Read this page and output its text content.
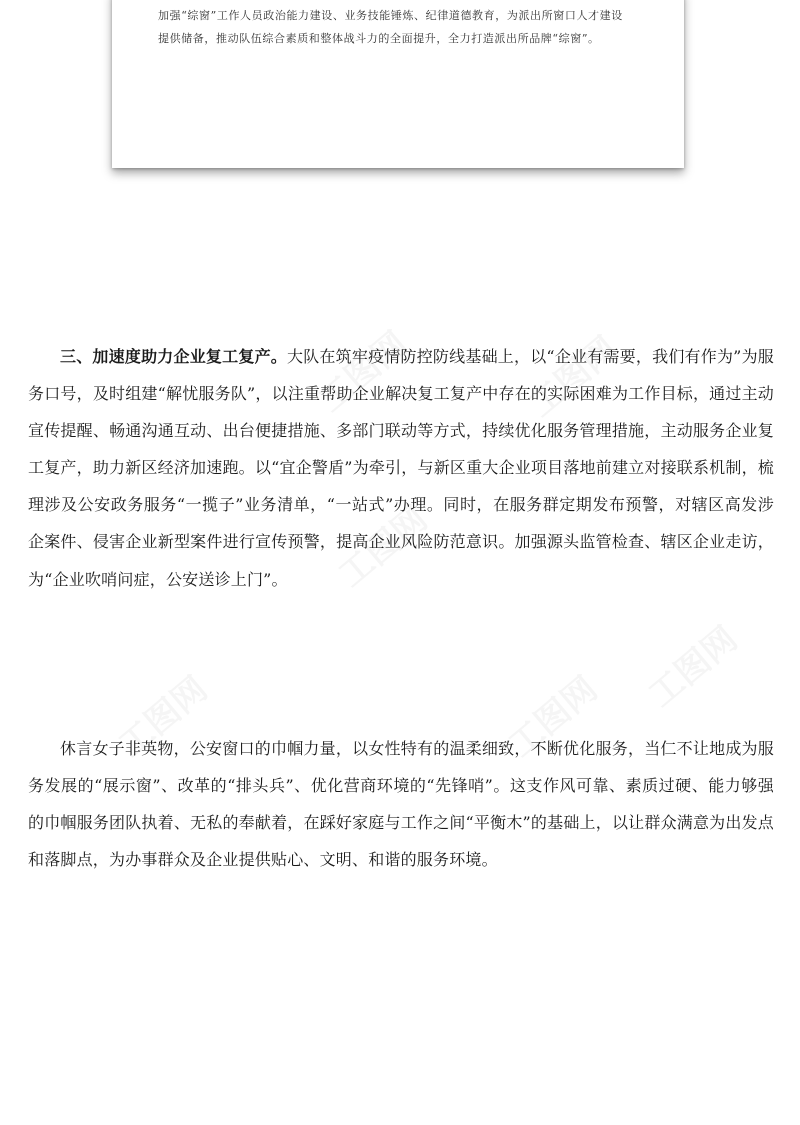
加强“综窗”工作人员政治能力建设、业务技能锤炼、纪律道德教育，为派出所窗口人才建设

提供储备，推动队伍综合素质和整体战斗力的全面提升，全力打造派出所品牌“综窗”。

工图网	工图网
工图网
工图网	工图网
工图网

三、加速度助力企业复工复产。大队在筑牢疫情防控防线基础上，以“企业有需要，我们有作为”为服务口号，及时组建“解忧服务队”，以注重帮助企业解决复工复产中存在的实际困难为工作目标，通过主动宣传提醒、畅通沟通互动、出台便捷措施、多部门联动等方式，持续优化服务管理措施，主动服务企业复工复产，助力新区经济加速跑。以“宜企警盾”为牵引，与新区重大企业项目落地前建立对接联系机制，梳理涉及公安政务服务“一揽子”业务清单，“一站式”办理。同时，在服务群定期发布预警，对辖区高发涉企案件、侵害企业新型案件进行宣传预警，提高企业风险防范意识。加强源头监管检查、辖区企业走访，为“企业吹哨问症，公安送诊上门”。

休言女子非英物，公安窗口的巾帼力量，以女性特有的温柔细致，不断优化服务，当仁不让地成为服务发展的“展示窗”、改革的“排头兵”、优化营商环境的“先锋哨”。这支作风可靠、素质过硬、能力够强的巾帼服务团队执着、无私的奉献着，在踩好家庭与工作之间“平衡木”的基础上，以让群众满意为出发点和落脚点，为办事群众及企业提供贴心、文明、和谐的服务环境。
